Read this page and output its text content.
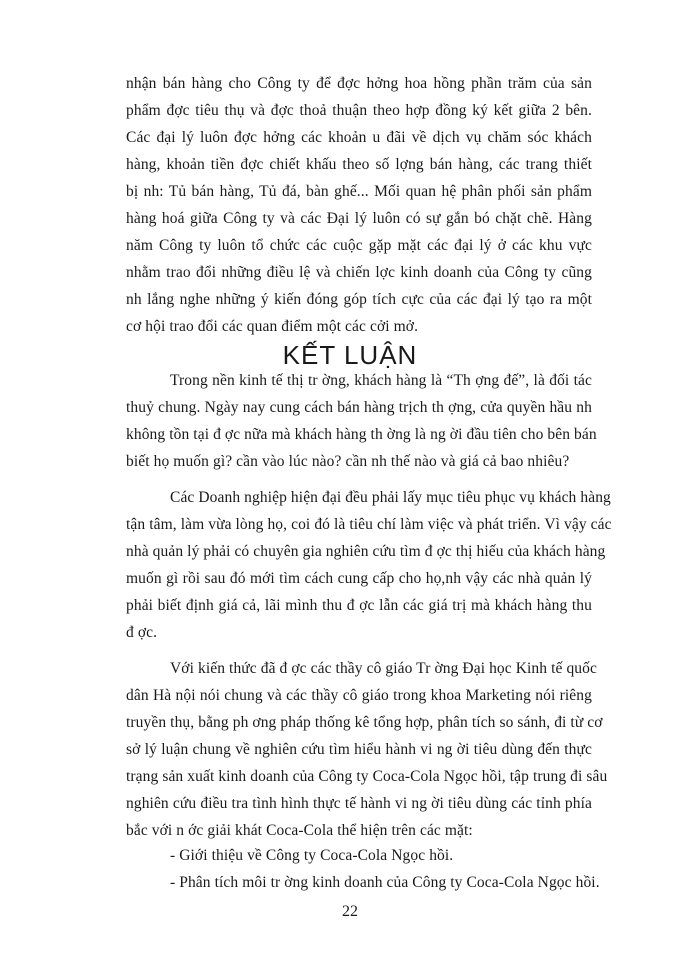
nhận bán hàng cho Công ty để đợc hởng hoa hồng phần trăm của sản
phẩm đợc tiêu thụ và đợc thoả thuận theo hợp đồng ký kết giữa 2 bên.
Các đại lý luôn đợc hởng các khoản u đãi về dịch vụ chăm sóc khách
hàng, khoản tiền đợc chiết khấu theo số lợng bán hàng, các trang thiết
bị nh: Tủ bán hàng, Tủ đá, bàn ghế... Mối quan hệ phân phối sản phẩm
hàng hoá giữa Công ty và các Đại lý luôn có sự gắn bó chặt chẽ. Hàng
năm Công ty luôn tổ chức các cuộc gặp mặt các đại lý ở các khu vực
nhằm trao đổi những điều lệ và chiến lợc kinh doanh của Công ty cũng
nh lắng nghe những ý kiến đóng góp tích cực của các đại lý tạo ra một
cơ hội trao đổi các quan điểm một các cởi mở.
KẾT LUẬN
Trong nền kinh tế thị tr ờng, khách hàng là “Th ợng đế”, là đối tác
thuỷ chung. Ngày nay cung cách bán hàng trịch th ợng, cửa quyền hầu nh
không tồn tại đ ợc nữa mà khách hàng th ờng là ng ời đầu tiên cho bên bán
biết họ muốn gì? cần vào lúc nào? cần nh thế nào và giá cả bao nhiêu?
Các Doanh nghiệp hiện đại đều phải lấy mục tiêu phục vụ khách hàng
tận tâm, làm vừa lòng họ, coi đó là tiêu chí làm việc và phát triển. Vì vậy các
nhà quản lý phải có chuyên gia nghiên cứu tìm đ ợc thị hiếu của khách hàng
muốn gì rồi sau đó mới tìm cách cung cấp cho họ,nh vậy các nhà quản lý
phải biết định giá cả, lãi mình thu đ ợc lẫn các giá trị mà khách hàng thu
đ ợc.
Với kiến thức đã đ ợc các thầy cô giáo Tr ờng Đại học Kinh tế quốc
dân Hà nội nói chung và các thầy cô giáo trong khoa Marketing nói riêng
truyền thụ, bằng ph ơng pháp thống kê tổng hợp, phân tích so sánh, đi từ cơ
sở lý luận chung về nghiên cứu tìm hiểu hành vi ng ời tiêu dùng đến thực
trạng sản xuất kinh doanh của Công ty Coca-Cola Ngọc hồi, tập trung đi sâu
nghiên cứu điều tra tình hình thực tế hành vi ng ời tiêu dùng các tỉnh phía
bắc với n ớc giải khát Coca-Cola thể hiện trên các mặt:
- Giới thiệu về Công ty Coca-Cola Ngọc hồi.
- Phân tích môi tr ờng kinh doanh của Công ty Coca-Cola Ngọc hồi.
22
